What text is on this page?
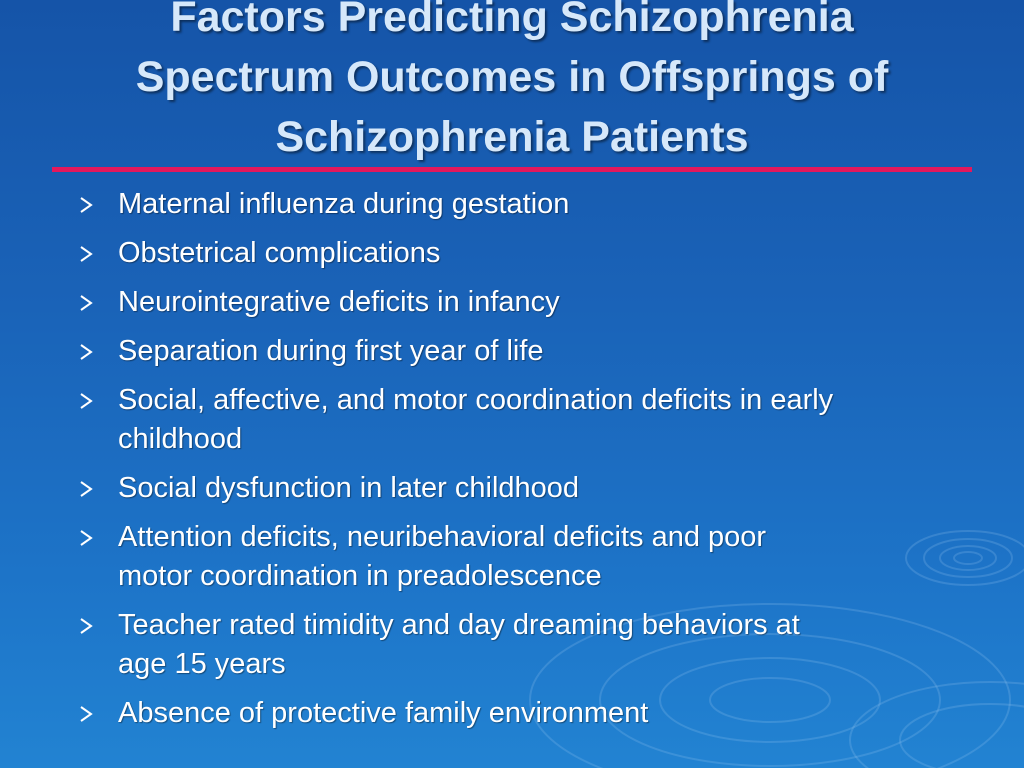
Factors Predicting Schizophrenia
Spectrum Outcomes in Offsprings of
Schizophrenia Patients
Maternal influenza during gestation
Obstetrical complications
Neurointegrative deficits in infancy
Separation during first year of life
Social, affective, and motor coordination deficits in early
childhood
Social dysfunction in later childhood
Attention deficits, neuribehavioral deficits and poor
motor coordination in preadolescence
Teacher rated timidity and day dreaming behaviors at
age 15 years
Absence of protective family environment
